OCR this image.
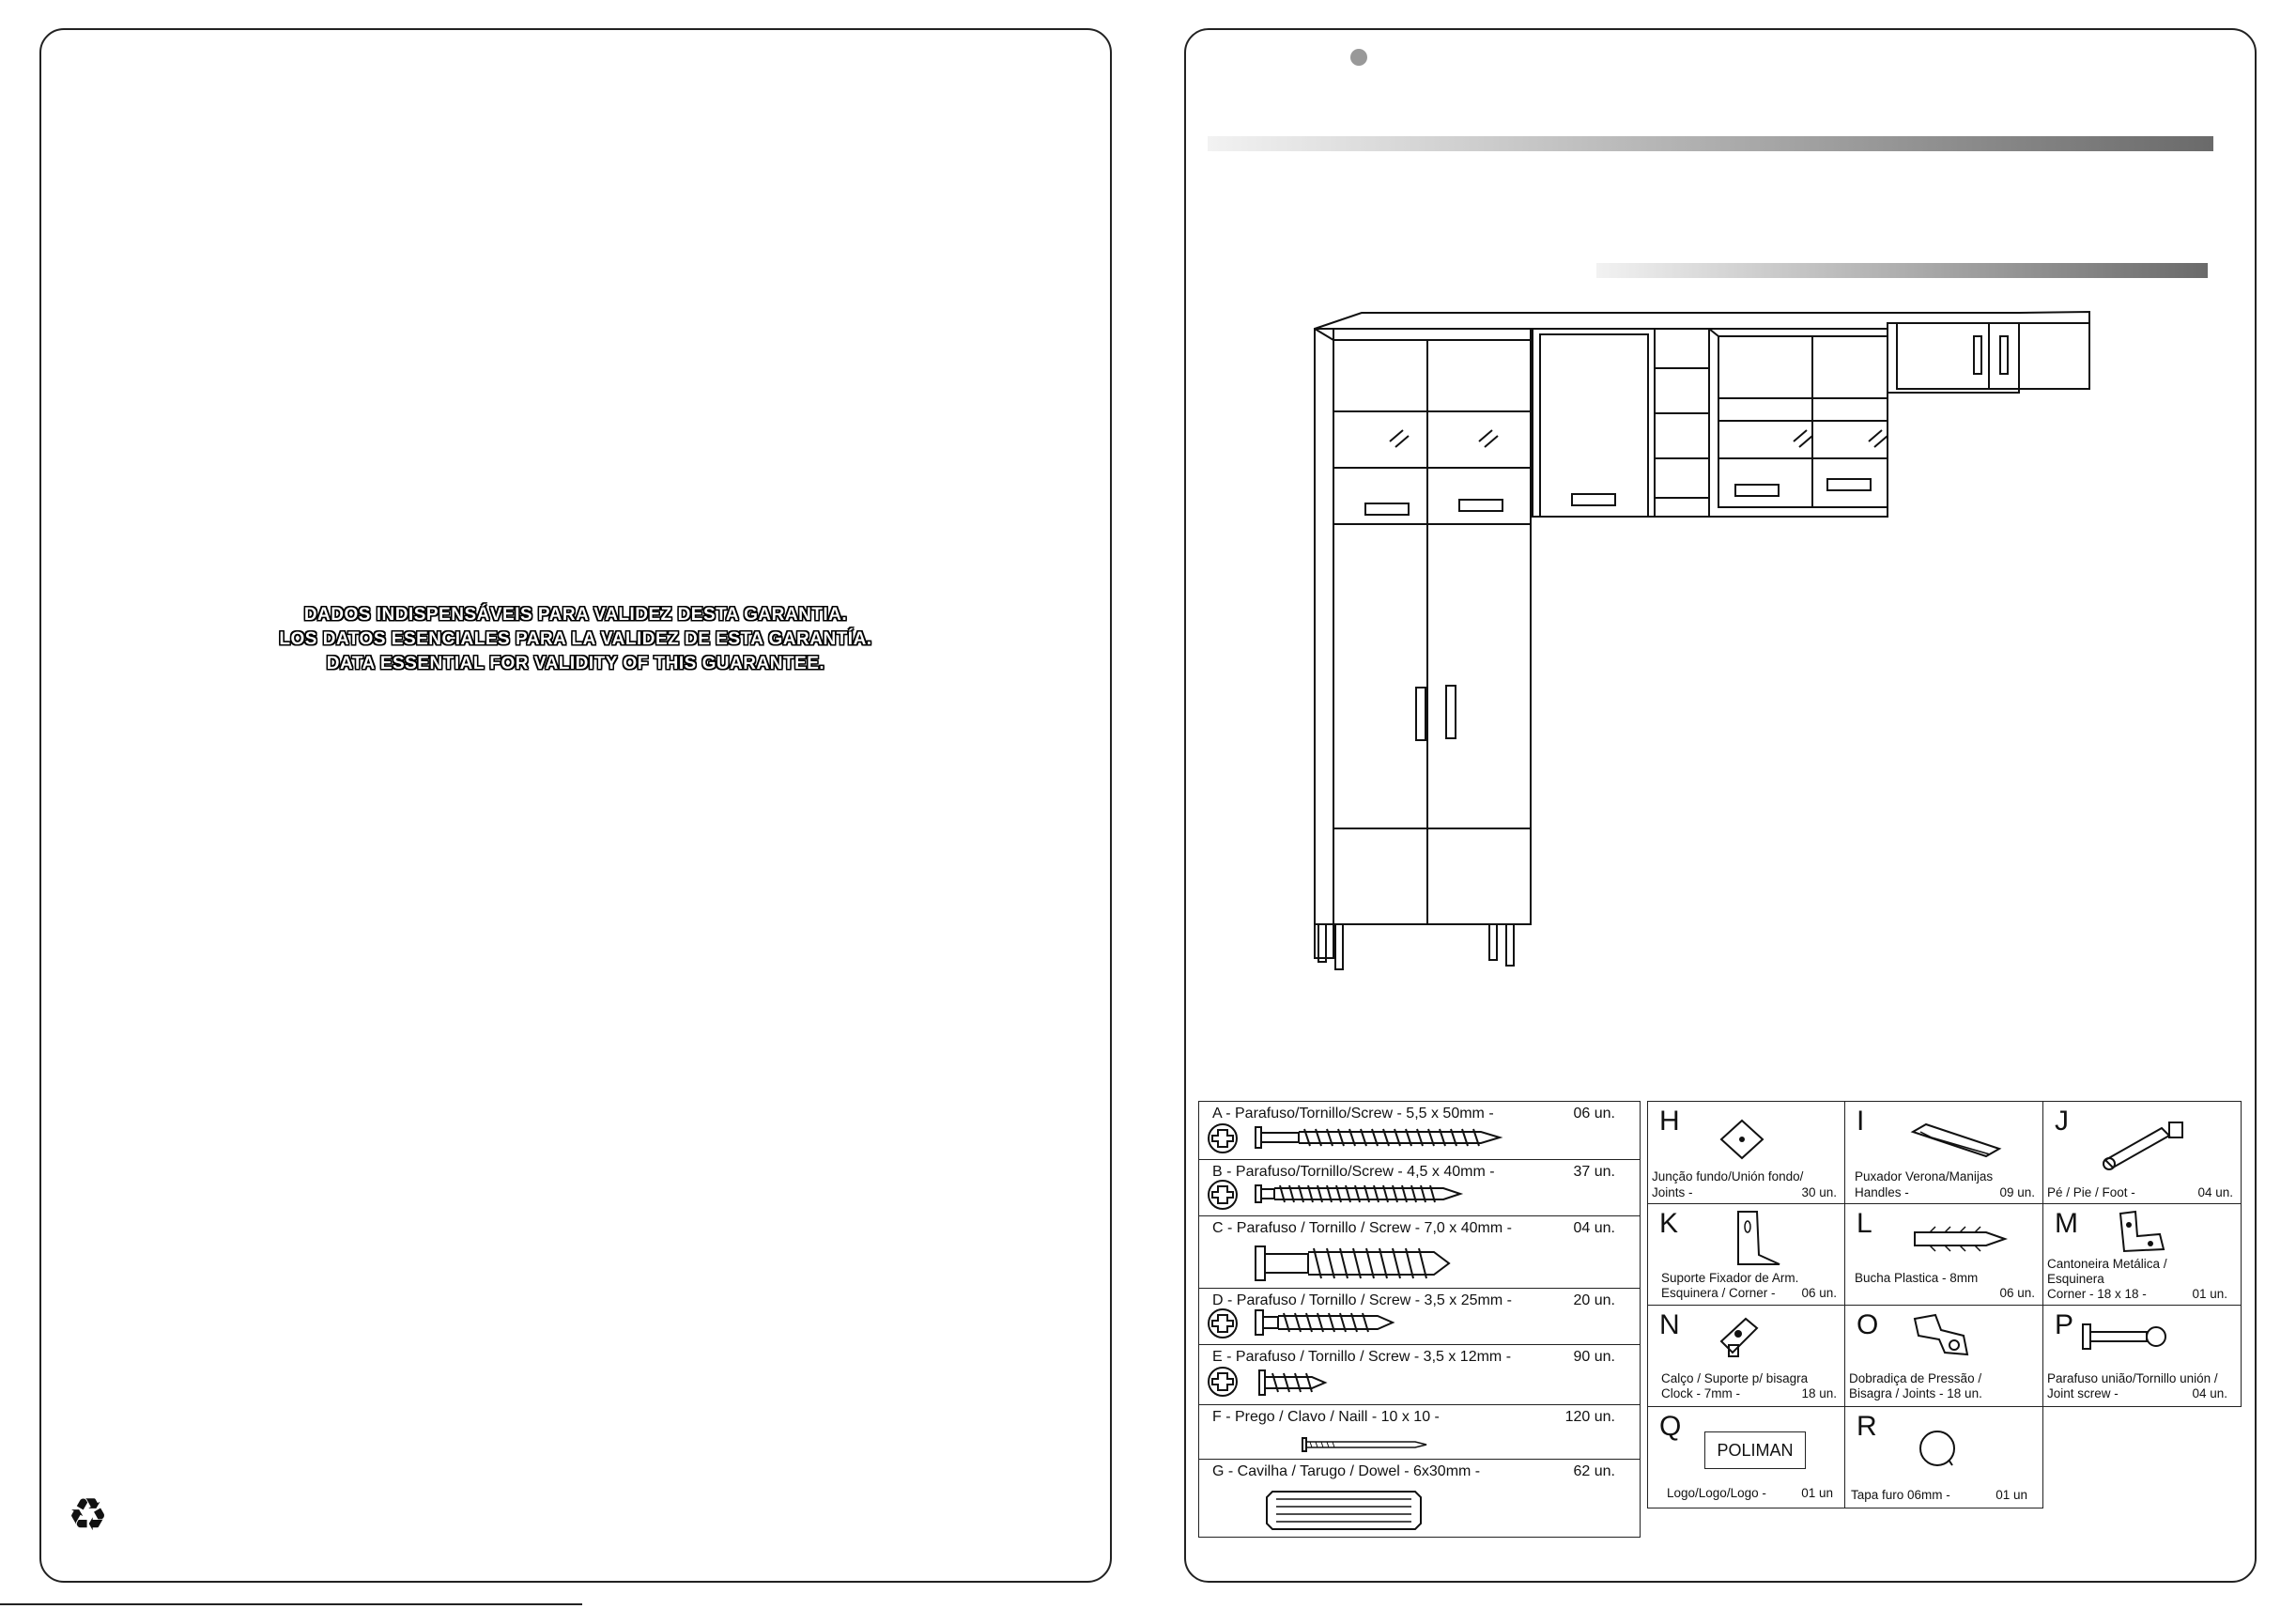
DADOS INDISPENSÁVEIS PARA VALIDEZ DESTA GARANTIA.
LOS DATOS ESENCIALES PARA LA VALIDEZ DE ESTA GARANTÍA.
DATA ESSENTIAL FOR VALIDITY OF THIS GUARANTEE.
♻
A - Parafuso/Tornillo/Screw - 5,5 x 50mm -	06 un.
B - Parafuso/Tornillo/Screw - 4,5 x 40mm -	37 un.
C - Parafuso / Tornillo / Screw - 7,0 x 40mm -	04 un.
D - Parafuso / Tornillo / Screw - 3,5 x 25mm -	20 un.
E - Parafuso / Tornillo / Screw - 3,5 x 12mm -	90 un.
F - Prego / Clavo / Naill - 10 x 10 -	120 un.
G - Cavilha / Tarugo / Dowel - 6x30mm -	62 un.
H
Junção fundo/Unión fondo/
Joints -	30 un.
I
Puxador Verona/Manijas
Handles -	09 un.
J
Pé / Pie / Foot -	04 un.
K
Suporte Fixador de Arm.
Esquinera / Corner - 06 un.
L
Bucha Plastica - 8mm
06 un.
M
Cantoneira Metálica /
Esquinera
Corner - 18 x 18 -	01 un.
N
Calço / Suporte p/ bisagra
Clock - 7mm -	18 un.
O
Dobradiça de Pressão /
Bisagra / Joints - 18 un.
P
Parafuso união/Tornillo unión /
Joint screw -	04 un.
Q
POLIMAN
Logo/Logo/Logo -	01 un
R
Tapa furo 06mm -	01 un
